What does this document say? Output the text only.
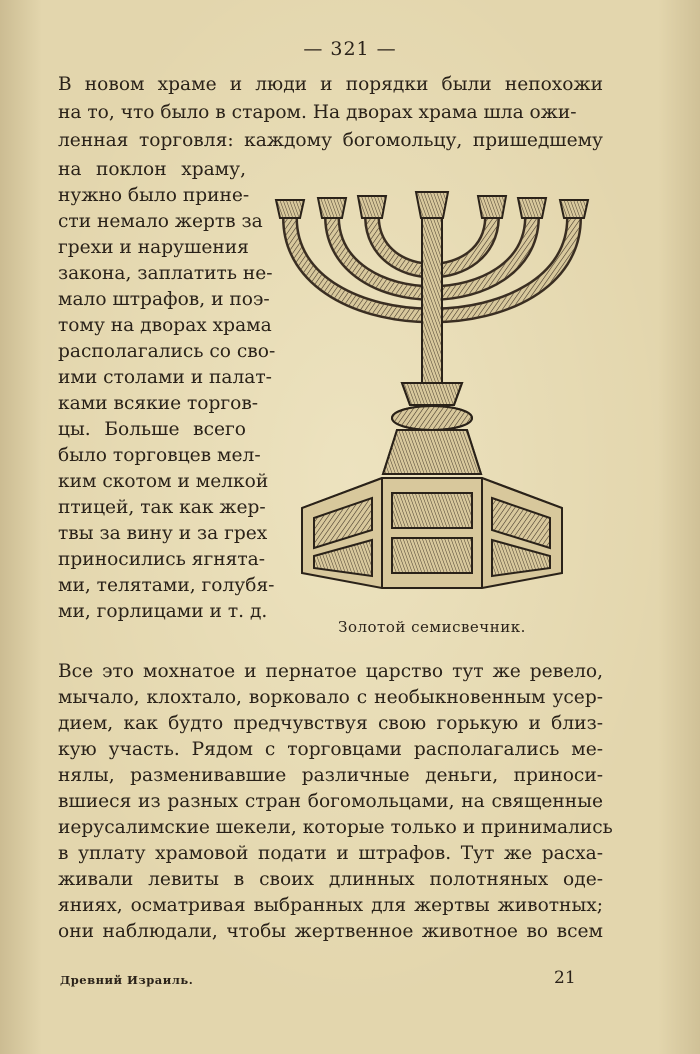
— 321 —
В новом храме и люди и порядки были непохожи
на то, что было в старом. На дворах храма шла ожи-
ленная торговля: каждому богомольцу, пришедшему
на поклон храму,
нужно было прине-
сти немало жертв за
грехи и нарушения
закона, заплатить не-
мало штрафов, и поэ-
тому на дворах храма
располагались со сво-
ими столами и палат-
ками всякие торгов-
цы. Больше всего
было торговцев мел-
ким скотом и мелкой
птицей, так как жер-
твы за вину и за грех
приносились ягнята-
ми, телятами, голубя-
ми, горлицами и т. д.
Золотой семисвечник.
Все это мохнатое и пернатое царство тут же ревело,
мычало, клохтало, ворковало с необыкновенным усер-
дием, как будто предчувствуя свою горькую и близ-
кую участь. Рядом с торговцами располагались ме-
нялы, разменивавшие различные деньги, приноси-
вшиеся из разных стран богомольцами, на священные
иерусалимские шекели, которые только и принимались
в уплату храмовой подати и штрафов. Тут же расха-
живали левиты в своих длинных полотняных оде-
яниях, осматривая выбранных для жертвы животных;
они наблюдали, чтобы жертвенное животное во всем
Древний Израиль.	21
